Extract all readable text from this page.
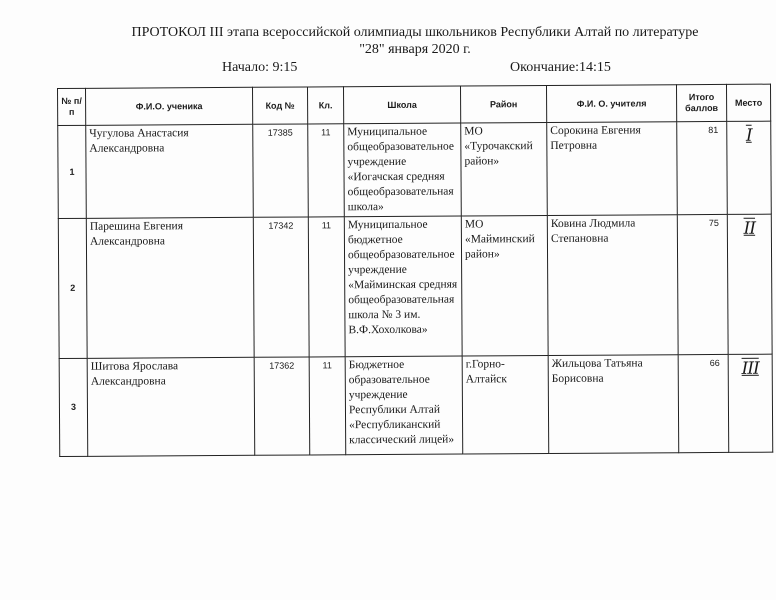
ПРОТОКОЛ III этапа всероссийской олимпиады школьников Республики Алтай по литературе
"28" января 2020 г.
Начало: 9:15	Окончание:14:15
№ п/п	Ф.И.О. ученика	Код №	Кл.	Школа	Район	Ф.И. О. учителя	Итого баллов	Место
1	Чугулова Анастасия Александровна	17385	11	Муниципальное общеобразовательное учреждение «Иогачская средняя общеобразовательная школа»	МО «Турочакский район»	Сорокина Евгения Петровна	81	I
2	Парешина Евгения Александровна	17342	11	Муниципальное бюджетное общеобразовательное учреждение «Майминская средняя общеобразовательная школа № 3 им. В.Ф.Хохолкова»	МО «Майминский район»	Ковина Людмила Степановна	75	II
3	Шитова Ярослава Александровна	17362	11	Бюджетное образовательное учреждение Республики Алтай «Республиканский классический лицей»	г.Горно-Алтайск	Жильцова Татьяна Борисовна	66	III
